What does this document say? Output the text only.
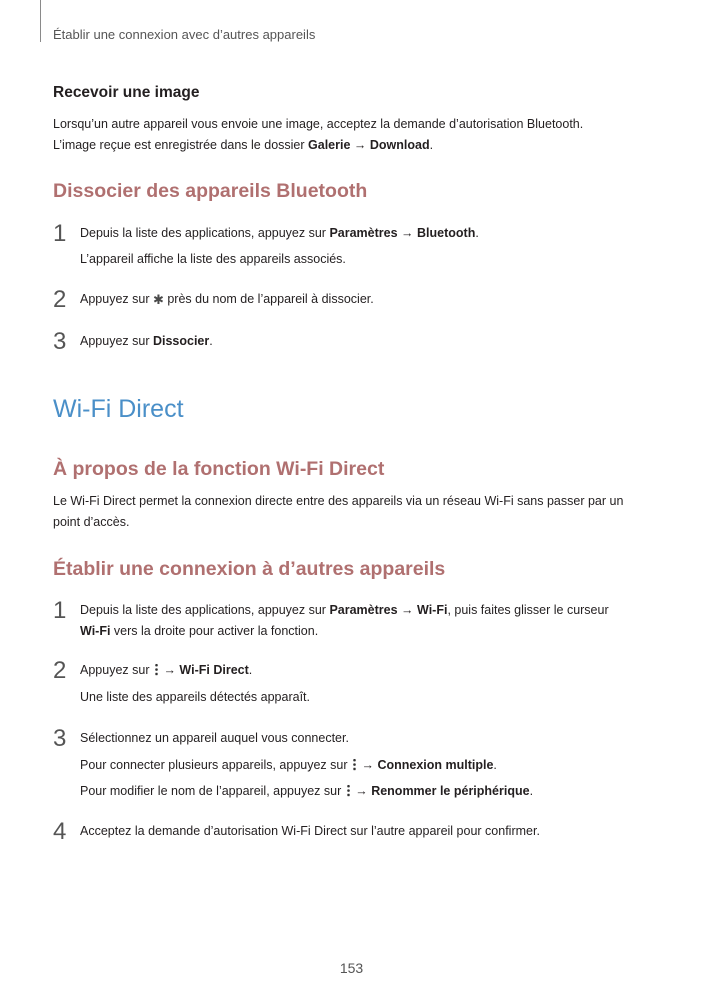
Établir une connexion avec d’autres appareils
Recevoir une image
Lorsqu’un autre appareil vous envoie une image, acceptez la demande d’autorisation Bluetooth.
L’image reçue est enregistrée dans le dossier Galerie → Download.
Dissocier des appareils Bluetooth
1 Depuis la liste des applications, appuyez sur Paramètres → Bluetooth.
L’appareil affiche la liste des appareils associés.
2 Appuyez sur ✱ près du nom de l’appareil à dissocier.
3 Appuyez sur Dissocier.
Wi-Fi Direct
À propos de la fonction Wi-Fi Direct
Le Wi-Fi Direct permet la connexion directe entre des appareils via un réseau Wi-Fi sans passer par un
point d’accès.
Établir une connexion à d’autres appareils
1 Depuis la liste des applications, appuyez sur Paramètres → Wi-Fi, puis faites glisser le curseur
Wi-Fi vers la droite pour activer la fonction.
2 Appuyez sur  → Wi-Fi Direct.
Une liste des appareils détectés apparaît.
3 Sélectionnez un appareil auquel vous connecter.
Pour connecter plusieurs appareils, appuyez sur  → Connexion multiple.
Pour modifier le nom de l’appareil, appuyez sur  → Renommer le périphérique.
4 Acceptez la demande d’autorisation Wi-Fi Direct sur l’autre appareil pour confirmer.
153
